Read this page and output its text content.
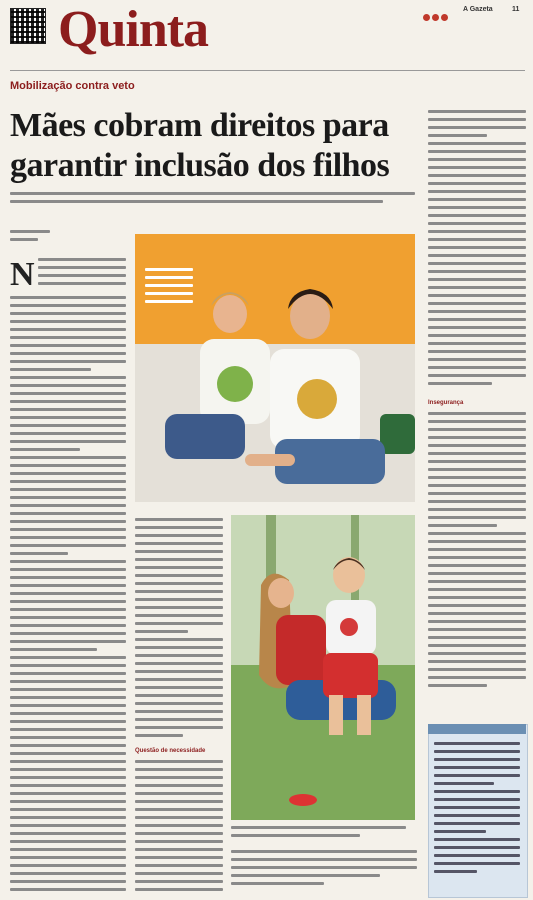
Quinta	A Gazeta	11
Mobilização contra veto
Mães cobram direitos para garantir inclusão dos filhos
N
Questão de necessidade
Insegurança
